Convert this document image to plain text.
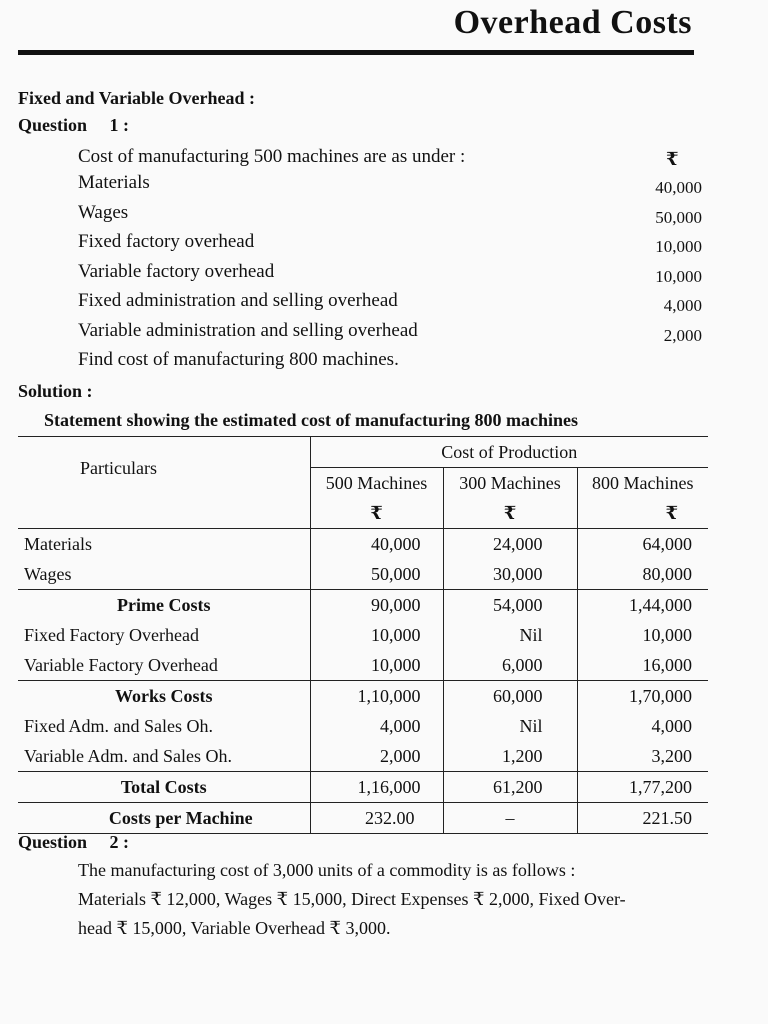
Overhead Costs
Fixed and Variable Overhead :
Question 1 :
Cost of manufacturing 500 machines are as under :	₹
Materials	40,000
Wages	50,000
Fixed factory overhead	10,000
Variable factory overhead	10,000
Fixed administration and selling overhead	4,000
Variable administration and selling overhead	2,000
Find cost of manufacturing 800 machines.
Solution :
Statement showing the estimated cost of manufacturing 800 machines
Particulars	Cost of Production		
	500 Machines	300 Machines	800 Machines
	₹	₹	₹
Materials	40,000	24,000	64,000
Wages	50,000	30,000	80,000
Prime Costs	90,000	54,000	1,44,000
Fixed Factory Overhead	10,000	Nil	10,000
Variable Factory Overhead	10,000	6,000	16,000
Works Costs	1,10,000	60,000	1,70,000
Fixed Adm. and Sales Oh.	4,000	Nil	4,000
Variable Adm. and Sales Oh.	2,000	1,200	3,200
Total Costs	1,16,000	61,200	1,77,200
Costs per Machine	232.00	–	221.50
Question 2 :
The manufacturing cost of 3,000 units of a commodity is as follows :
Materials ₹ 12,000, Wages ₹ 15,000, Direct Expenses ₹ 2,000, Fixed Over-
head ₹ 15,000, Variable Overhead ₹ 3,000.
